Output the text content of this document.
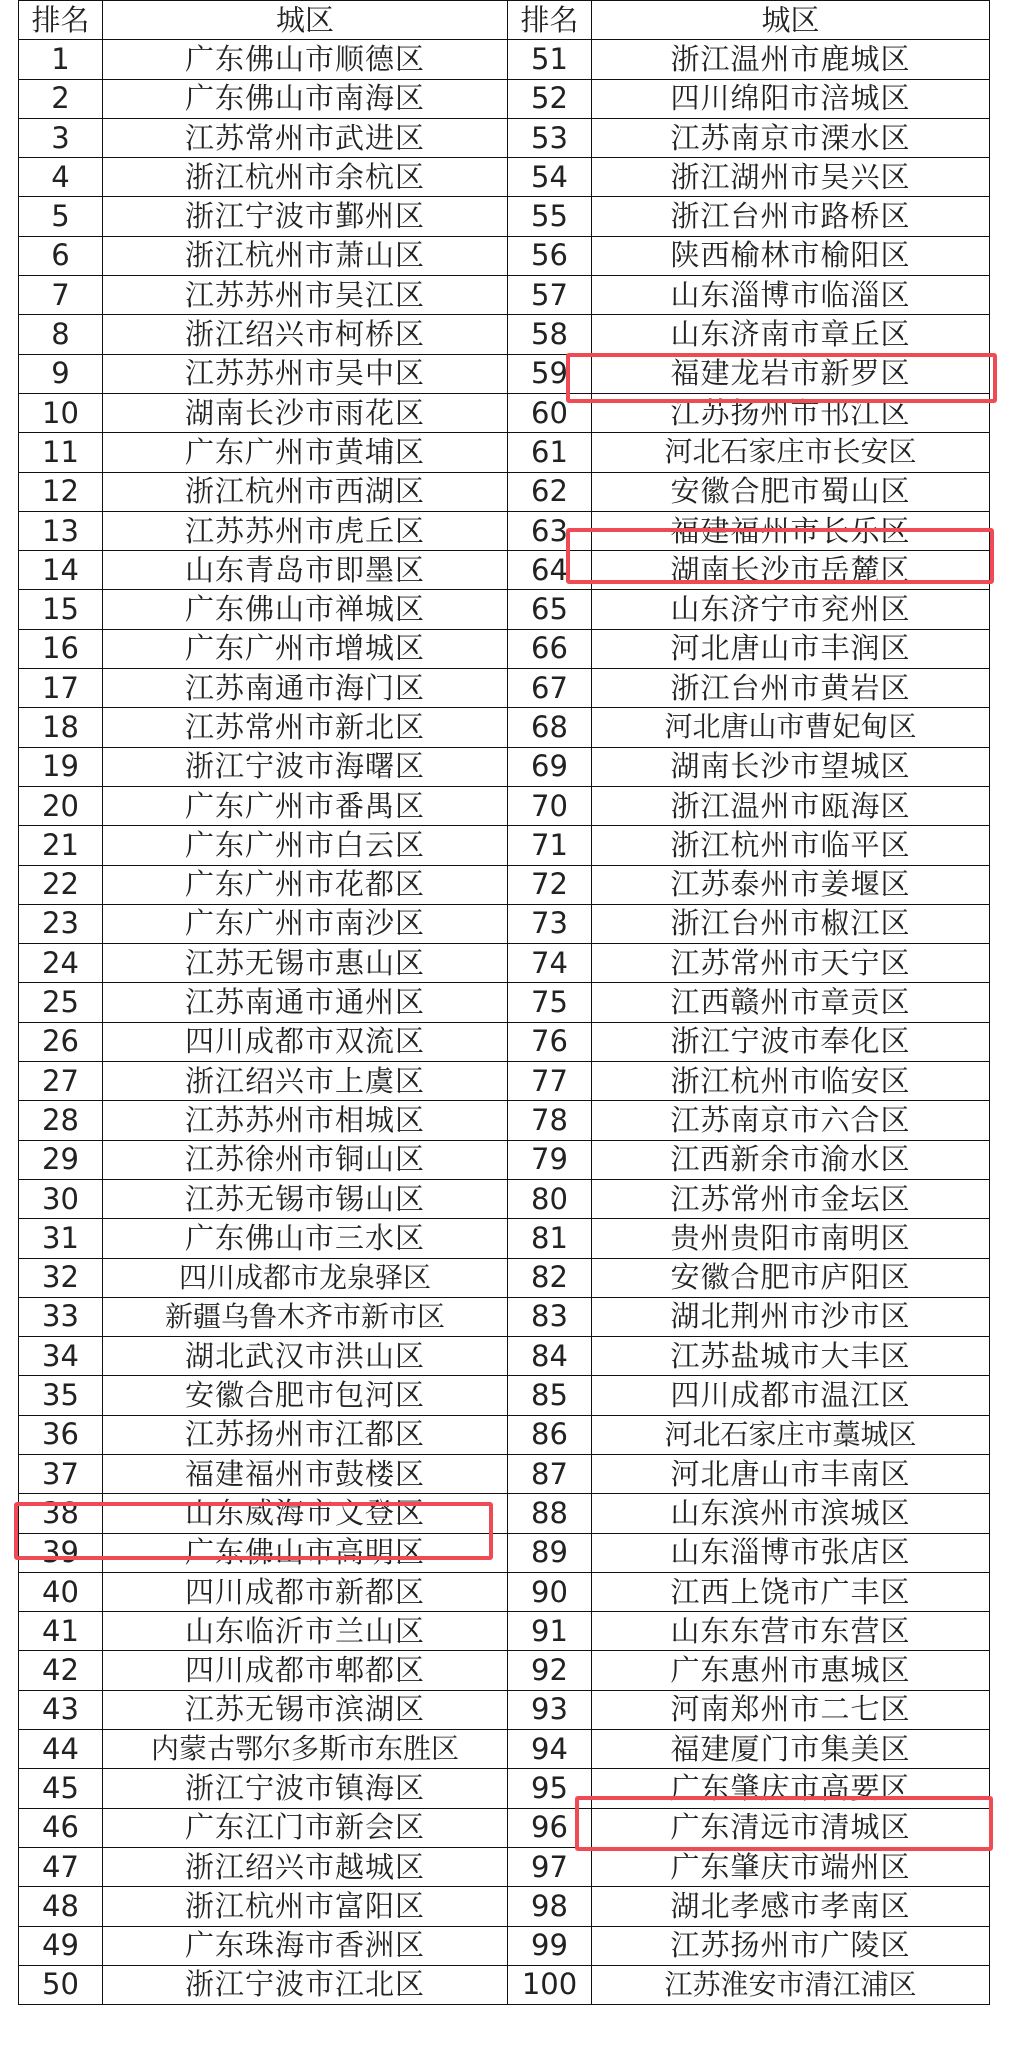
排名	城区	排名	城区
1	广东佛山市顺德区	51	浙江温州市鹿城区
2	广东佛山市南海区	52	四川绵阳市涪城区
3	江苏常州市武进区	53	江苏南京市溧水区
4	浙江杭州市余杭区	54	浙江湖州市吴兴区
5	浙江宁波市鄞州区	55	浙江台州市路桥区
6	浙江杭州市萧山区	56	陕西榆林市榆阳区
7	江苏苏州市吴江区	57	山东淄博市临淄区
8	浙江绍兴市柯桥区	58	山东济南市章丘区
9	江苏苏州市吴中区	59	福建龙岩市新罗区
10	湖南长沙市雨花区	60	江苏扬州市邗江区
11	广东广州市黄埔区	61	河北石家庄市长安区
12	浙江杭州市西湖区	62	安徽合肥市蜀山区
13	江苏苏州市虎丘区	63	福建福州市长乐区
14	山东青岛市即墨区	64	湖南长沙市岳麓区
15	广东佛山市禅城区	65	山东济宁市兖州区
16	广东广州市增城区	66	河北唐山市丰润区
17	江苏南通市海门区	67	浙江台州市黄岩区
18	江苏常州市新北区	68	河北唐山市曹妃甸区
19	浙江宁波市海曙区	69	湖南长沙市望城区
20	广东广州市番禺区	70	浙江温州市瓯海区
21	广东广州市白云区	71	浙江杭州市临平区
22	广东广州市花都区	72	江苏泰州市姜堰区
23	广东广州市南沙区	73	浙江台州市椒江区
24	江苏无锡市惠山区	74	江苏常州市天宁区
25	江苏南通市通州区	75	江西赣州市章贡区
26	四川成都市双流区	76	浙江宁波市奉化区
27	浙江绍兴市上虞区	77	浙江杭州市临安区
28	江苏苏州市相城区	78	江苏南京市六合区
29	江苏徐州市铜山区	79	江西新余市渝水区
30	江苏无锡市锡山区	80	江苏常州市金坛区
31	广东佛山市三水区	81	贵州贵阳市南明区
32	四川成都市龙泉驿区	82	安徽合肥市庐阳区
33	新疆乌鲁木齐市新市区	83	湖北荆州市沙市区
34	湖北武汉市洪山区	84	江苏盐城市大丰区
35	安徽合肥市包河区	85	四川成都市温江区
36	江苏扬州市江都区	86	河北石家庄市藁城区
37	福建福州市鼓楼区	87	河北唐山市丰南区
38	山东威海市文登区	88	山东滨州市滨城区
39	广东佛山市高明区	89	山东淄博市张店区
40	四川成都市新都区	90	江西上饶市广丰区
41	山东临沂市兰山区	91	山东东营市东营区
42	四川成都市郫都区	92	广东惠州市惠城区
43	江苏无锡市滨湖区	93	河南郑州市二七区
44	内蒙古鄂尔多斯市东胜区	94	福建厦门市集美区
45	浙江宁波市镇海区	95	广东肇庆市高要区
46	广东江门市新会区	96	广东清远市清城区
47	浙江绍兴市越城区	97	广东肇庆市端州区
48	浙江杭州市富阳区	98	湖北孝感市孝南区
49	广东珠海市香洲区	99	江苏扬州市广陵区
50	浙江宁波市江北区	100	江苏淮安市清江浦区
